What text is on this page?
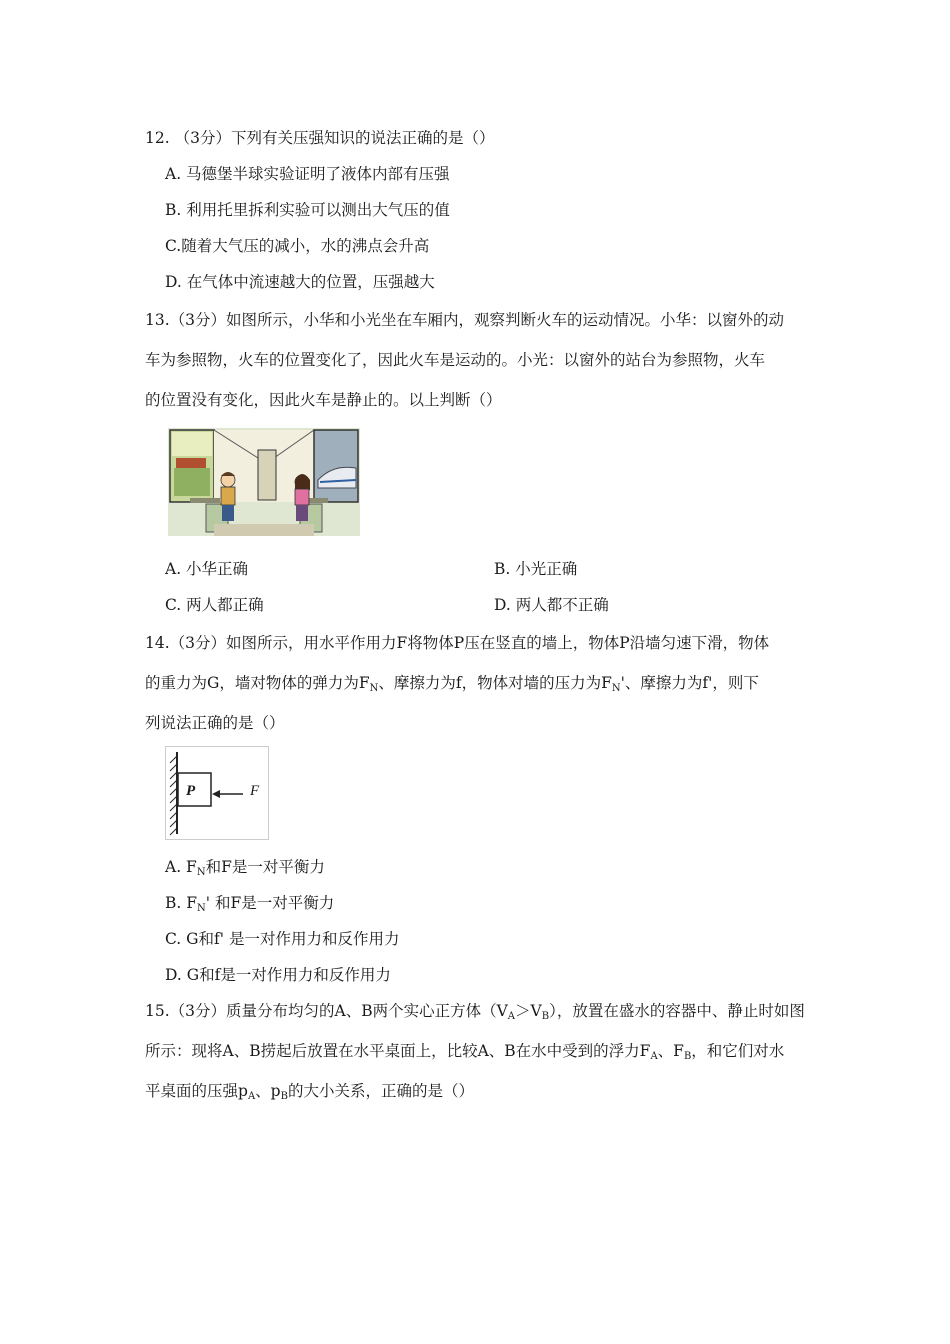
12. （3分）下列有关压强知识的说法正确的是（）
A. 马德堡半球实验证明了液体内部有压强
B. 利用托里拆利实验可以测出大气压的值
C.随着大气压的减小，水的沸点会升高
D. 在气体中流速越大的位置，压强越大
13.（3分）如图所示，小华和小光坐在车厢内，观察判断火车的运动情况。小华：以窗外的动
车为参照物，火车的位置变化了，因此火车是运动的。小光：以窗外的站台为参照物，火车
的位置没有变化，因此火车是静止的。以上判断（）
A. 小华正确	B. 小光正确
C. 两人都正确	D. 两人都不正确
14.（3分）如图所示，用水平作用力F将物体P压在竖直的墙上，物体P沿墙匀速下滑，物体
的重力为G，墙对物体的弹力为$F_N$、摩擦力为f，物体对墙的压力为$F_N'$、摩擦力为f'，则下
列说法正确的是（）
P	F
A. $F_N$和F是一对平衡力
B. $F_N'$ 和F是一对平衡力
C. G和f' 是一对作用力和反作用力
D. G和f是一对作用力和反作用力
15.（3分）质量分布均匀的A、B两个实心正方体$(V_A>V_B)$，放置在盛水的容器中、静止时如图
所示：现将A、B捞起后放置在水平桌面上，比较A、B在水中受到的浮力$F_A$、$F_B$，和它们对水
平桌面的压强$p_A$、$p_B$的大小关系，正确的是（）
